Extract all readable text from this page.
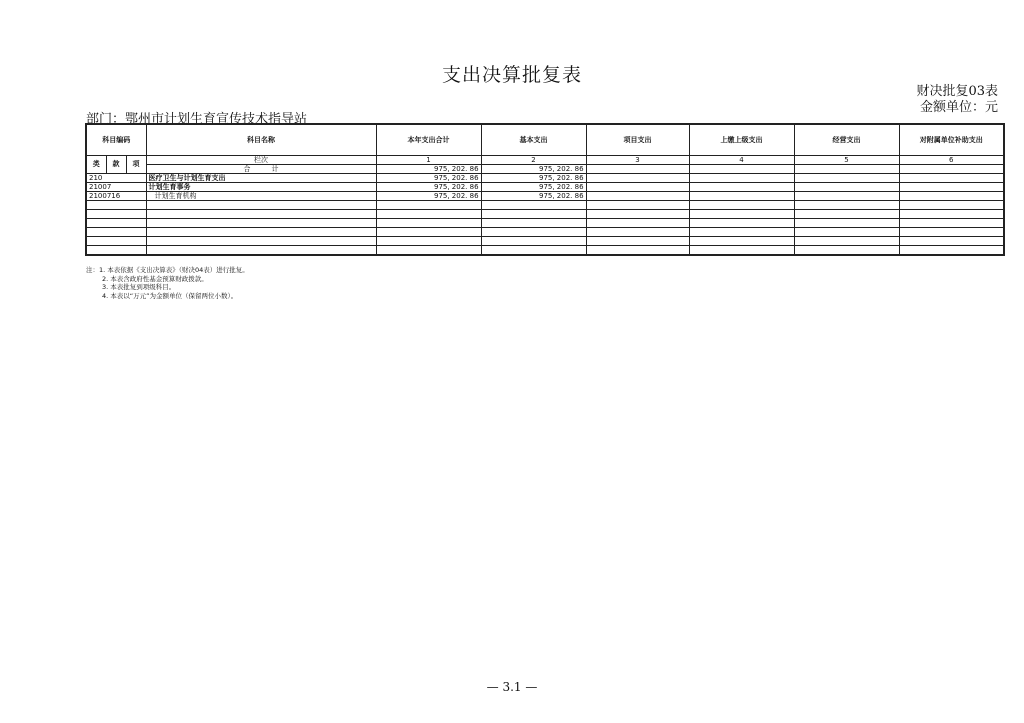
支出决算批复表
财决批复03表
金额单位：元
部门：鄂州市计划生育宣传技术指导站
科目编码			科目名称	本年支出合计	基本支出	项目支出	上缴上级支出	经营支出	对附属单位补助支出
类	款	项	栏次	1	2	3	4	5	6
			合　　　计	975, 202. 86	975, 202. 86				
210			医疗卫生与计划生育支出	975, 202. 86	975, 202. 86				
21007			计划生育事务	975, 202. 86	975, 202. 86				
2100716			计划生育机构	975, 202. 86	975, 202. 86				

注：1. 本表依据《支出决算表》（财决04表）进行批复。
2. 本表含政府性基金预算财政拨款。
3. 本表批复到项级科目。
4. 本表以“万元”为金额单位（保留两位小数）。
— 3.1 —
